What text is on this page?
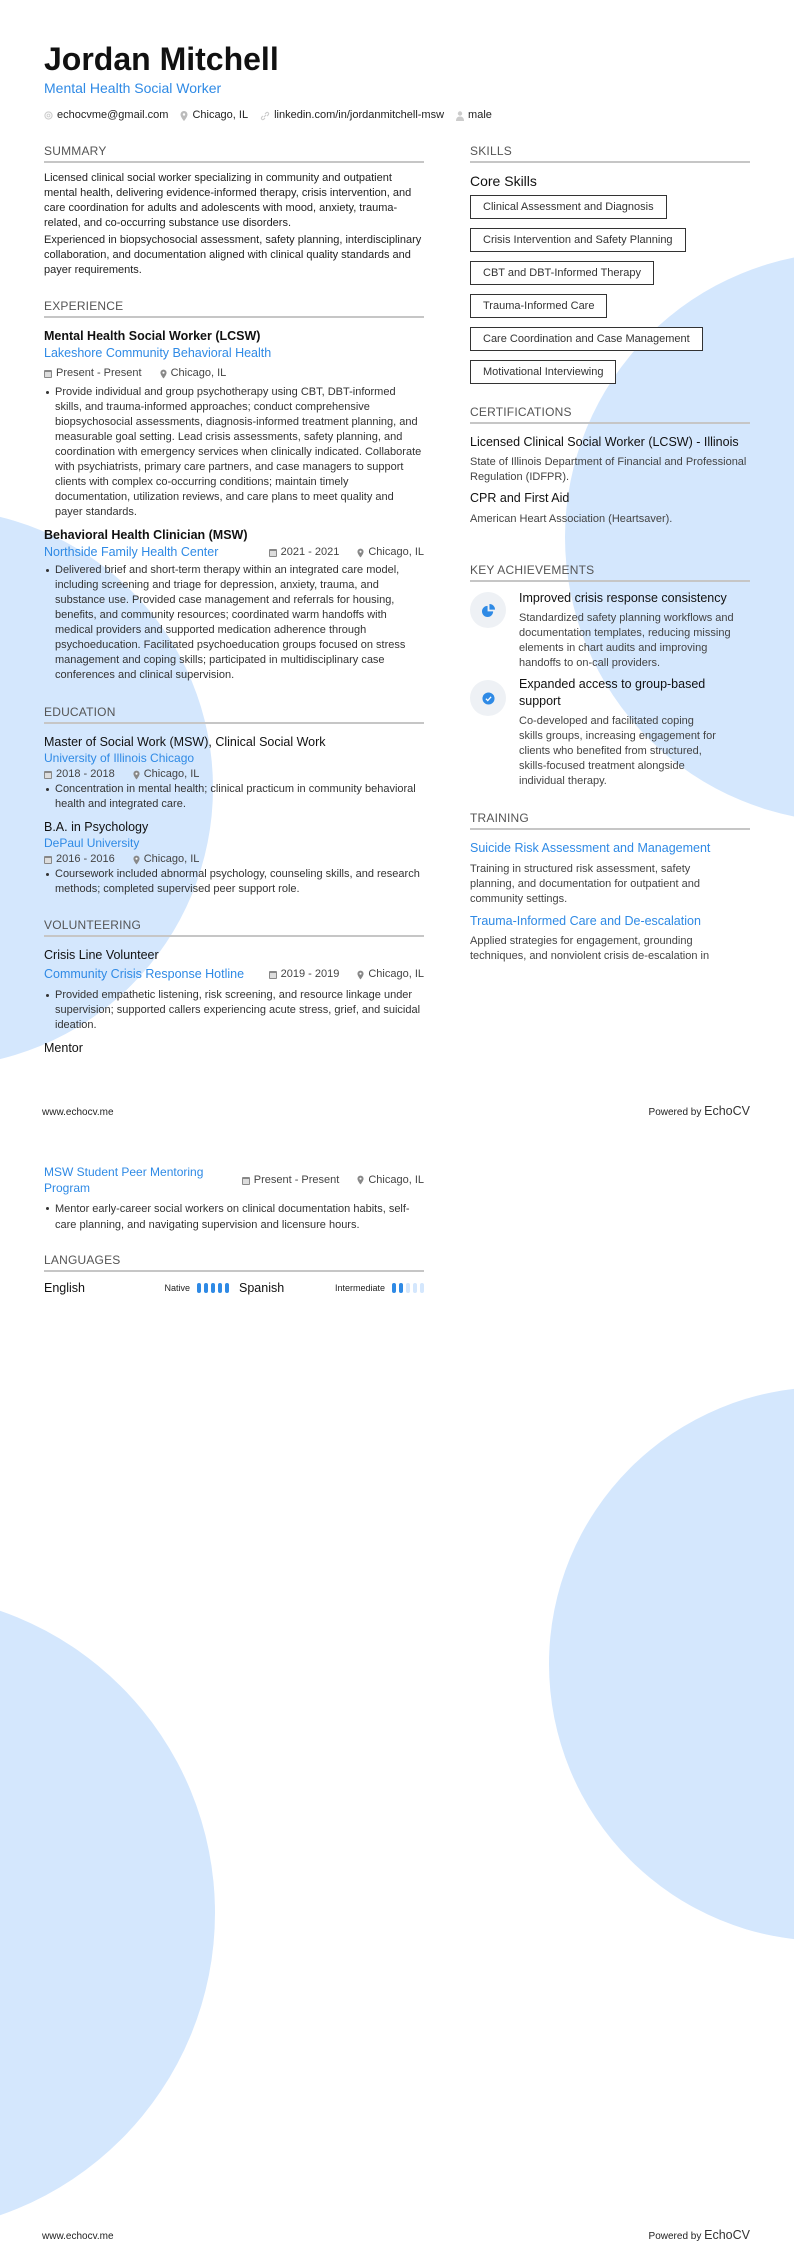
Jordan Mitchell
Mental Health Social Worker
echocvme@gmail.com Chicago, IL linkedin.com/in/jordanmitchell-msw male
SUMMARY

Licensed clinical social worker specializing in community and outpatient mental health, delivering evidence-informed therapy, crisis intervention, and care coordination for adults and adolescents with mood, anxiety, trauma-related, and co-occurring substance use disorders.

Experienced in biopsychosocial assessment, safety planning, interdisciplinary collaboration, and documentation aligned with clinical quality standards and payer requirements.

EXPERIENCE
Mental Health Social Worker (LCSW)
Lakeshore Community Behavioral Health
Present - Present	Chicago, IL
Provide individual and group psychotherapy using CBT, DBT-informed skills, and trauma-informed approaches; conduct comprehensive biopsychosocial assessments, diagnosis-informed treatment planning, and measurable goal setting. Lead crisis assessments, safety planning, and coordination with emergency services when clinically indicated. Collaborate with psychiatrists, primary care partners, and case managers to support clients with complex co-occurring conditions; maintain timely documentation, utilization reviews, and care plans to meet quality and payer standards.
Behavioral Health Clinician (MSW)
Northside Family Health Center	2021 - 2021	Chicago, IL
Delivered brief and short-term therapy within an integrated care model, including screening and triage for depression, anxiety, trauma, and substance use. Provided case management and referrals for housing, benefits, and community resources; coordinated warm handoffs with medical providers and supported medication adherence through psychoeducation. Facilitated psychoeducation groups focused on stress management and coping skills; participated in multidisciplinary case conferences and clinical supervision.
EDUCATION
Master of Social Work (MSW), Clinical Social Work
University of Illinois Chicago
2018 - 2018	Chicago, IL
Concentration in mental health; clinical practicum in community behavioral health and integrated care.
B.A. in Psychology
DePaul University
2016 - 2016	Chicago, IL
Coursework included abnormal psychology, counseling skills, and research methods; completed supervised peer support role.
VOLUNTEERING
Crisis Line Volunteer
Community Crisis Response Hotline	2019 - 2019	Chicago, IL
Provided empathetic listening, risk screening, and resource linkage under supervision; supported callers experiencing acute stress, grief, and suicidal ideation.
Mentor
SKILLS
Core Skills
Clinical Assessment and Diagnosis
Crisis Intervention and Safety Planning
CBT and DBT-Informed Therapy
Trauma-Informed Care
Care Coordination and Case Management
Motivational Interviewing
CERTIFICATIONS
Licensed Clinical Social Worker (LCSW) - Illinois
State of Illinois Department of Financial and Professional Regulation (IDFPR).
CPR and First Aid
American Heart Association (Heartsaver).
KEY ACHIEVEMENTS
Improved crisis response consistency
Standardized safety planning workflows and documentation templates, reducing missing elements in chart audits and improving handoffs to on-call providers.
Expanded access to group-based support
Co-developed and facilitated coping skills groups, increasing engagement for clients who benefited from structured, skills-focused treatment alongside individual therapy.
TRAINING
Suicide Risk Assessment and Management
Training in structured risk assessment, safety planning, and documentation for outpatient and community settings.
Trauma-Informed Care and De-escalation
Applied strategies for engagement, grounding techniques, and nonviolent crisis de-escalation in
www.echocv.me	Powered by EchoCV
MSW Student Peer Mentoring Program
Present - Present	Chicago, IL
Mentor early-career social workers on clinical documentation habits, self-care planning, and navigating supervision and licensure hours.
LANGUAGES
English	Native	Spanish	Intermediate
www.echocv.me	Powered by EchoCV
